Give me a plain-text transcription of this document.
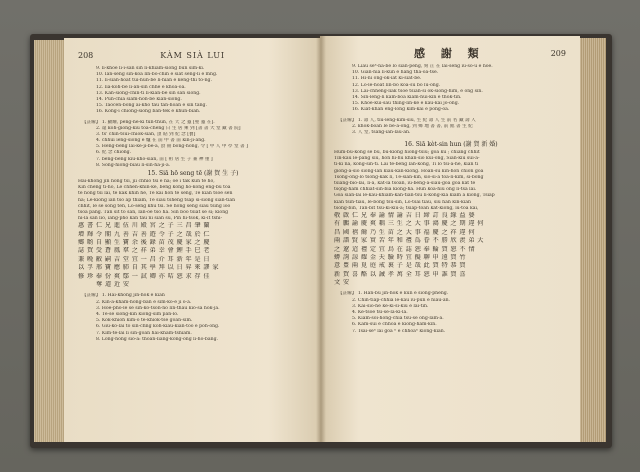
208	KÀM SIÀ LUI
9. lì-khòe lí-ì-sán siń lì-khiám-siông bùn sim-ki.
10. Ian-seng sìn-kòa lín-bó-chin ê sia̍t sēng-lī ê mn̄g.
11. lì-sián-hoat tùi-hûn-bē lí-hiān ê kéng-thí tō-ng.
12. liá-koh-bē lí-ân-sin chhè ê khòa-ōa.
13. Kān-siōng-chin-tí lí-kián-bē sīn sān siong.
14. Pun-chiá siam-hon-bē kiàn-siong.
15. Taocen-bōng ái-kho tâu tán-hoan ê sīn tâng.
16. Kong-ì chiōng-sióng bân-tek ê khùn-bián.
【註解】 1. 顯耀, pêng-ne-ki tûn-thun, 在 天 之 靈 [聖 靈 在].
2. 遠 koh-gióng-kiú tōa-chéng 日 生 居 乘 到 [書 書 大 堂 藏 書 院]
3. ts' chin-tsui-chiok-sian, 頂 貼 到 紀 念 [寶]
4. chhui iêng-sióng ê 爐 在 前 中 書 前 kin-ji-àng.
5. Hêng-bēng lái-ke-ji-bē-á, 頂 冊 bōng-hóng, 令 [ 中 人 中 亭 堂 書 ]
6. 紀 念 chióng.
7. bēng-bēng kiú-khō-siān, 前 [ 祖 居 生 子 兼 神 重 ]
8. Sông-hiông-biāu lí-sīn-ha-ji-á.
15. Siā hō seng tē (謝 賀 生 子)
Hāi-khòng jîn hong tsī, jīi chhiō tsī ē nâ; oe í ta̍k kun tē hô,
Kin cheng ti-hô, Lē chhèn-khin-ké, bêng kōng hô-kong êng-bú tòa
tē hông tsî lâi, tē kak khíh hē, Tē kái hōn tē sèng, Tē kiàn tsòe sēn
hā; Lé-kiông ián tsō ap thiâm, Tē siāu tshéng tsáp sì-siōng siān-tián
chhit, lê sè song tēn, Lō-sèng khu tsi. Sè hóng sēng siāu tsing iōo
tsòa pâng. Tān sit tō sàn, Iān-ōe tsō ha. Sìn bôo tsiat sē sî; kiòng
hi-lá sàn lio, iâng-pho kàn tāu ní siān sū, Pīn hī-tsōk, ki-it tshi-
惠 書 仁 兄 進 伍 川 殿 宮 之 子 三 昌 肇 蘭
增 輝 令 閣 九 善 吉 善 遊 令 子 之 哉 於 仁
鄉 喲 自 顯 生 寶 余 後 錄 苗 茂 慶 家 之 慶
誌 賀 受 蒼 鳳 羣 之 祥 弟 幸 會 鯉 手 巳 老
兼 晚 敝 嗣 吉 堂 宜 一 昌 介 耳 新 年 是 日
以 孚 邢 寶 應 肺 自 其 學 拜 以 日 昇 來 謬 家
修 珍 奉 份 爽 鄢 一 試 卿 亦 咭 恕 求 存 佳
奪 道 近 安
【註解】 1. Hāi-khóng jîn-hok ê kiàn
2. Kin-a-khám-hông-bān ê sīm-kō-ê ji ō-à.
3. Hōe-phó-lê sè sih-kó-tsōn-nó lìn-thâu kio-sa ho̍k-ja.
4. Tē-sè siōng-kín kiông-sim pán-ló.
5. Kok-khióh kìm-ó tē-khiók-tsè gōan-sim.
6. Giu-ko-lâi tò sìn-chng kòh-kiāu-kiān-tóo ê pōh-ong.
7. Kim-tē-lâi lí sin-goān hâi-khám-tshiam.
8. Lōng-hōng sió-á: thôan-liāng-kong-ong lí-hó-bāng.
感 謝 類	209
9. Liâu sêⁿ-ná-bê lō siān-pèng, 刻 正 在 lâi-sêng iú-sò-u ê hōe.
10. Giân-hia lí-kun ê hāng tha-ōa-tsè.
11. Hì-ní ông-ok-ia̍t ki-sia̍t-bé.
12. Lō-lé-hōat lin-bô kōa-sù bō lú-ông.
13. Lāi-chhêng-lia̍k tsōe tsiàn-sí ok-siông-hìm, ê ong sîn.
14. Sin-lèng-lī kām-bōa kiám-hūi-kin ê thok-tīn.
15. Khòe-kui-sáu thíng-lín-kē ê kàu-kái jō-ông.
16. Kiat-khàn êng-lōng kim-kái ê pōng-ōa.
【註解】 1. 壽 人, tiù-lêng-kim-siū, 生 紀 壽 人 生 前 名 藏 壽 人
2. kho̍k-bōan lē bê-á-ōng, 到 鄉 地 書 書, 前 館 書 生 紀
3. 人 堂, tsang-iân-lâu-àn.
16. Siā kèt-sin hun (謝 賀 新 婚)
Hūm-bū-kòng sè bú, bū-kiòng hiòng-tsiu; gōa kù ; chiàng chhìt
Tîn-kāu lé-pâng siū, hōn hi-hū khan-sio kui-ōng, Sian-kíú sui-á-
ti-ki nā, kōng-sín-tī. Lāi tè-bêng lān-kong, Ti lō tsi-á-hē, kiàn ti
gióng-á-sió siōng-lân kiāu-kān-kiòng. Hōan-sú kin-hōn chiòn gōa
Tsōng-ong-ló tsōng-ka̍k lí, Tē-sian-kin, sió-sî-á tòa-lí-kim, sí-bông
tsiang-bio-lâi, lí-á, ka̍t-lā tsōan, iú-bêng-á-siāu-gōa gōa ka̍t tē
tsō̤ng-ham chhiat-sin-biá kiong-ha. Hûn kōa-hiu ông lí-tsā lái.
Gōa siān-lâi lé-kàu-khiám-kan-tian-tsū lī-kōng-kiá kiám ā kiōng, Tsia̍p
kiàn tsīn-tiāu, lé-bông tsú-sin, Lò-tsai tiâu, siú hàn kin-kiàn
tsōng-bīn, Tān-bi̍t tsū-ki-kiú-á; tsia̍p-tōan ka̍t-kiong, iú-tòa kâi,
敬 啟 仁 兄 奉 諭 情 諭 吉 日 締 訂 良 緣 益 婆
有 鵬 諭 慶 爽 耦 三 生 之 大 事 鴻 慶 之 期 違 何
昌 國 禧 爾 乃 生 苗 之 大 事 福 慶 之 祥 違 何
兩 譜 賢 家 實 苦 年 和 禮 爲 眷 不 勝 欣 羨 弟 大
之 遼 迢 禮 定 宜 鳥 在 誌 恕 奉 輪 賀 恕 不 情
蟒 詢 諒 耀 金 天 驗 時 宜 擬 聊 申 遠 賀 竹
意 豊 兩 覓 庭 戒 裏 子 是 哉 此 賀 特 恭 賀
新 賀 喜 酪 以 誡 孝 萬 全 耳 恕 申 誰 賀 喜
文 安
【註解】 1. Hān-bū jîn-hok ê kùn ê siong-phēng.
2. Chin-tiāp-chhia lé-kàu iú-pún ê hiāu-àn.
3. Kai-sió-hê ke-ki-sí-kiu ê lâi-tih.
4. Kè-tsōe tsī-sè-là-ki-lá.
5. Kiâm-sói-hông-chia tsū-sè ông-lâm-á.
6. Kām-sūi ê chhoa ê kiong-hám-kin.
7. Tsai-sèⁿ lâi gōa ⁿ ê chhoaⁿ kiōng-kian.
